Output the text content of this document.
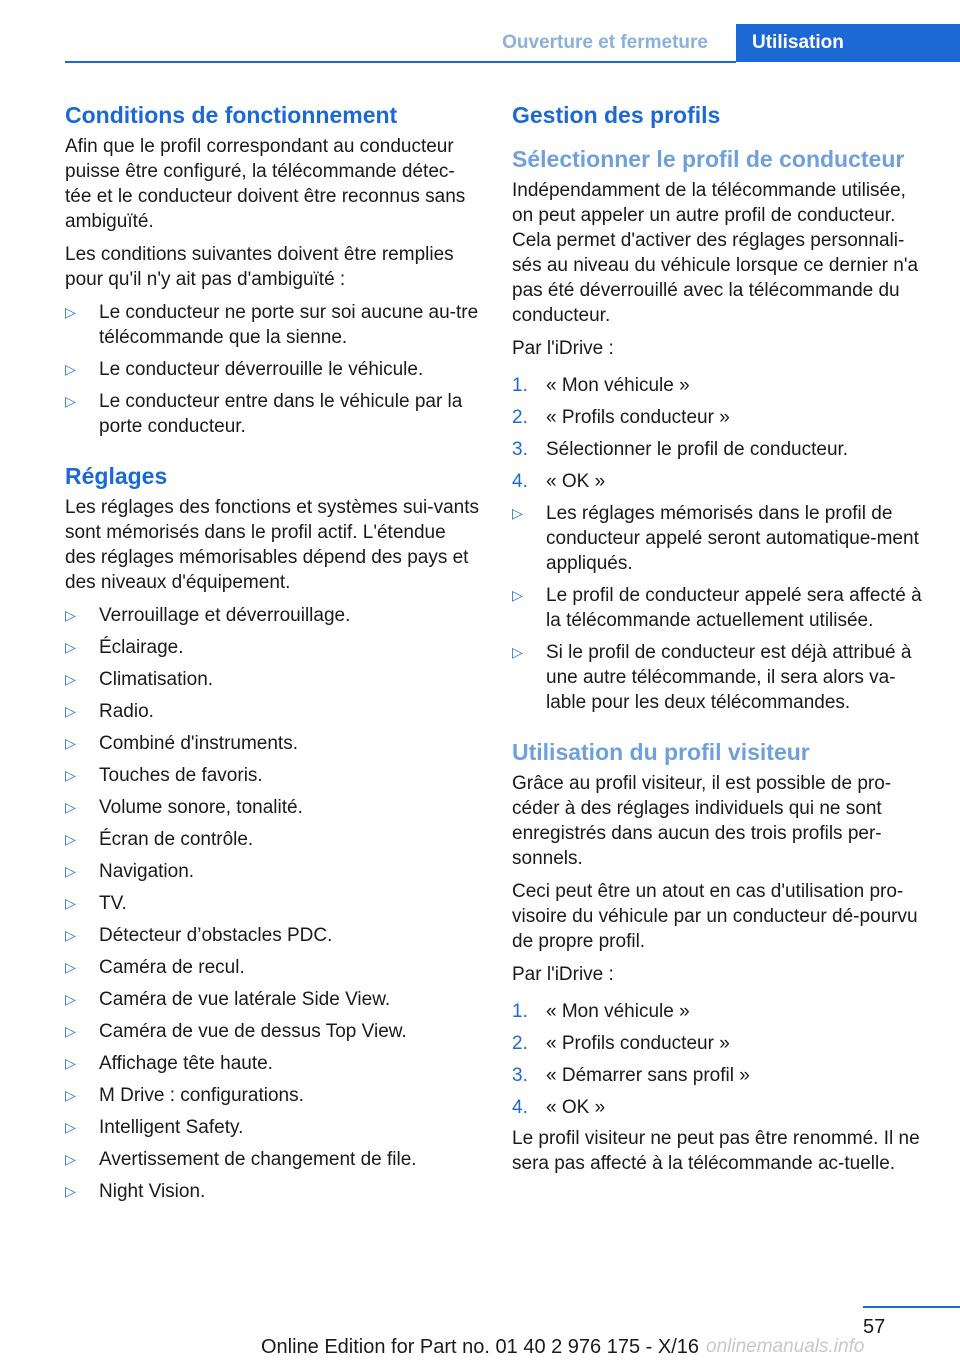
Ouverture et fermeture	Utilisation
Conditions de fonctionnement

Afin que le profil correspondant au conducteur puisse être configuré, la télécommande détec-tée et le conducteur doivent être reconnus sans ambiguïté.

Les conditions suivantes doivent être remplies pour qu'il n'y ait pas d'ambiguïté :

▷	Le conducteur ne porte sur soi aucune au-tre télécommande que la sienne.
▷	Le conducteur déverrouille le véhicule.
▷	Le conducteur entre dans le véhicule par la porte conducteur.
Réglages

Les réglages des fonctions et systèmes sui-vants sont mémorisés dans le profil actif. L'étendue des réglages mémorisables dépend des pays et des niveaux d'équipement.

▷	Verrouillage et déverrouillage.
▷	Éclairage.
▷	Climatisation.
▷	Radio.
▷	Combiné d'instruments.
▷	Touches de favoris.
▷	Volume sonore, tonalité.
▷	Écran de contrôle.
▷	Navigation.
▷	TV.
▷	Détecteur d’obstacles PDC.
▷	Caméra de recul.
▷	Caméra de vue latérale Side View.
▷	Caméra de vue de dessus Top View.
▷	Affichage tête haute.
▷	M Drive : configurations.
▷	Intelligent Safety.
▷	Avertissement de changement de file.
▷	Night Vision.
Gestion des profils
Sélectionner le profil de conducteur

Indépendamment de la télécommande utilisée, on peut appeler un autre profil de conducteur. Cela permet d'activer des réglages personnali-sés au niveau du véhicule lorsque ce dernier n'a pas été déverrouillé avec la télécommande du conducteur.

Par l'iDrive :

1. « Mon véhicule »
2. « Profils conducteur »
3. Sélectionner le profil de conducteur.
4. « OK »
▷	Les réglages mémorisés dans le profil de conducteur appelé seront automatique-ment appliqués.
▷	Le profil de conducteur appelé sera affecté à la télécommande actuellement utilisée.
▷	Si le profil de conducteur est déjà attribué à une autre télécommande, il sera alors va-lable pour les deux télécommandes.
Utilisation du profil visiteur

Grâce au profil visiteur, il est possible de pro-céder à des réglages individuels qui ne sont enregistrés dans aucun des trois profils per-sonnels.

Ceci peut être un atout en cas d'utilisation pro-visoire du véhicule par un conducteur dé-pourvu de propre profil.

Par l'iDrive :

1. « Mon véhicule »
2. « Profils conducteur »
3. « Démarrer sans profil »
4. « OK »

Le profil visiteur ne peut pas être renommé. Il ne sera pas affecté à la télécommande ac-tuelle.

57
Online Edition for Part no. 01 40 2 976 175 - X/16 onlinemanuals.info
